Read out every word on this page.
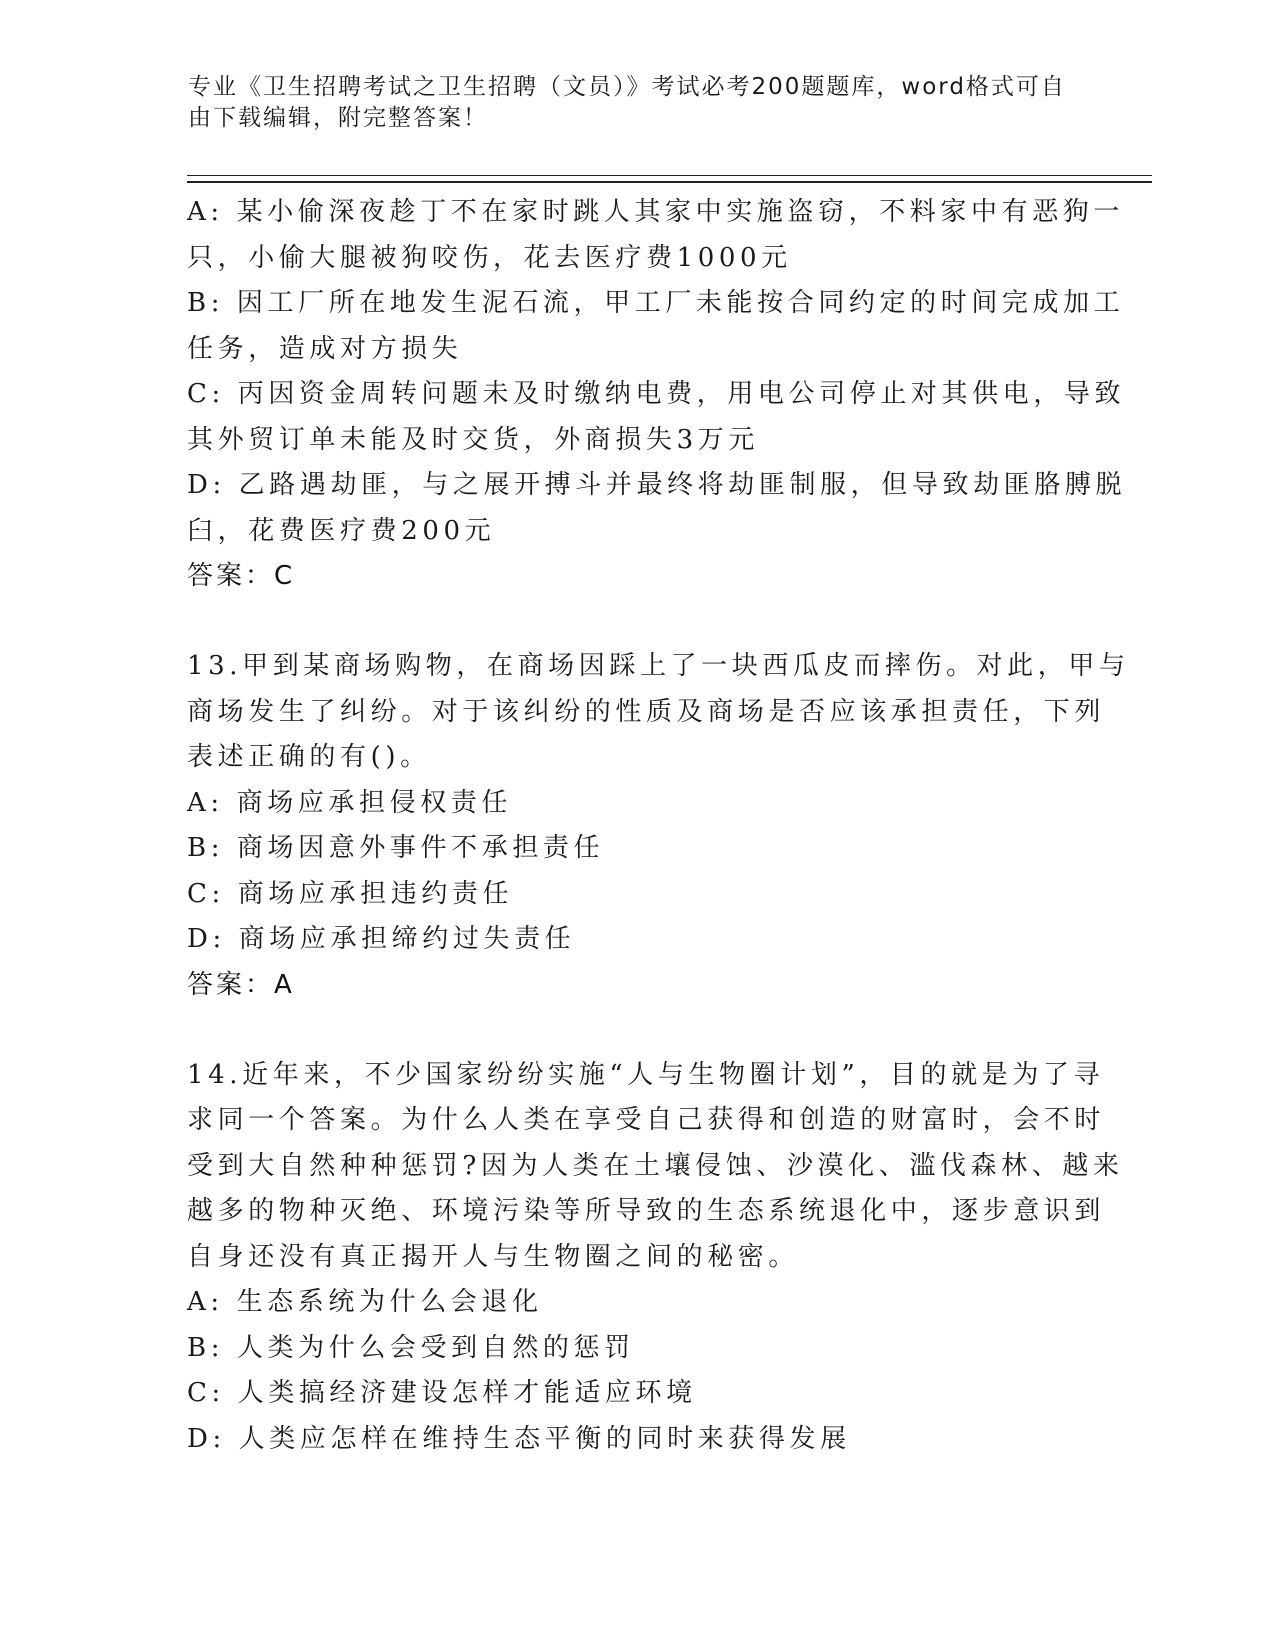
专业《卫生招聘考试之卫生招聘（文员）》考试必考200题题库，word格式可自
由下载编辑，附完整答案！

A: 某小偷深夜趁丁不在家时跳人其家中实施盗窃，不料家中有恶狗一

只，小偷大腿被狗咬伤，花去医疗费1000元

B: 因工厂所在地发生泥石流，甲工厂未能按合同约定的时间完成加工

任务，造成对方损失

C: 丙因资金周转问题未及时缴纳电费，用电公司停止对其供电，导致

其外贸订单未能及时交货，外商损失3万元

D: 乙路遇劫匪，与之展开搏斗并最终将劫匪制服，但导致劫匪胳膊脱

臼，花费医疗费200元

答案：C

13.甲到某商场购物，在商场因踩上了一块西瓜皮而摔伤。对此，甲与

商场发生了纠纷。对于该纠纷的性质及商场是否应该承担责任，下列

表述正确的有()。

A: 商场应承担侵权责任

B: 商场因意外事件不承担责任

C: 商场应承担违约责任

D: 商场应承担缔约过失责任

答案：A

14.近年来，不少国家纷纷实施“人与生物圈计划”，目的就是为了寻

求同一个答案。为什么人类在享受自己获得和创造的财富时，会不时

受到大自然种种惩罚?因为人类在土壤侵蚀、沙漠化、滥伐森林、越来

越多的物种灭绝、环境污染等所导致的生态系统退化中，逐步意识到

自身还没有真正揭开人与生物圈之间的秘密。

A: 生态系统为什么会退化

B: 人类为什么会受到自然的惩罚

C: 人类搞经济建设怎样才能适应环境

D: 人类应怎样在维持生态平衡的同时来获得发展
